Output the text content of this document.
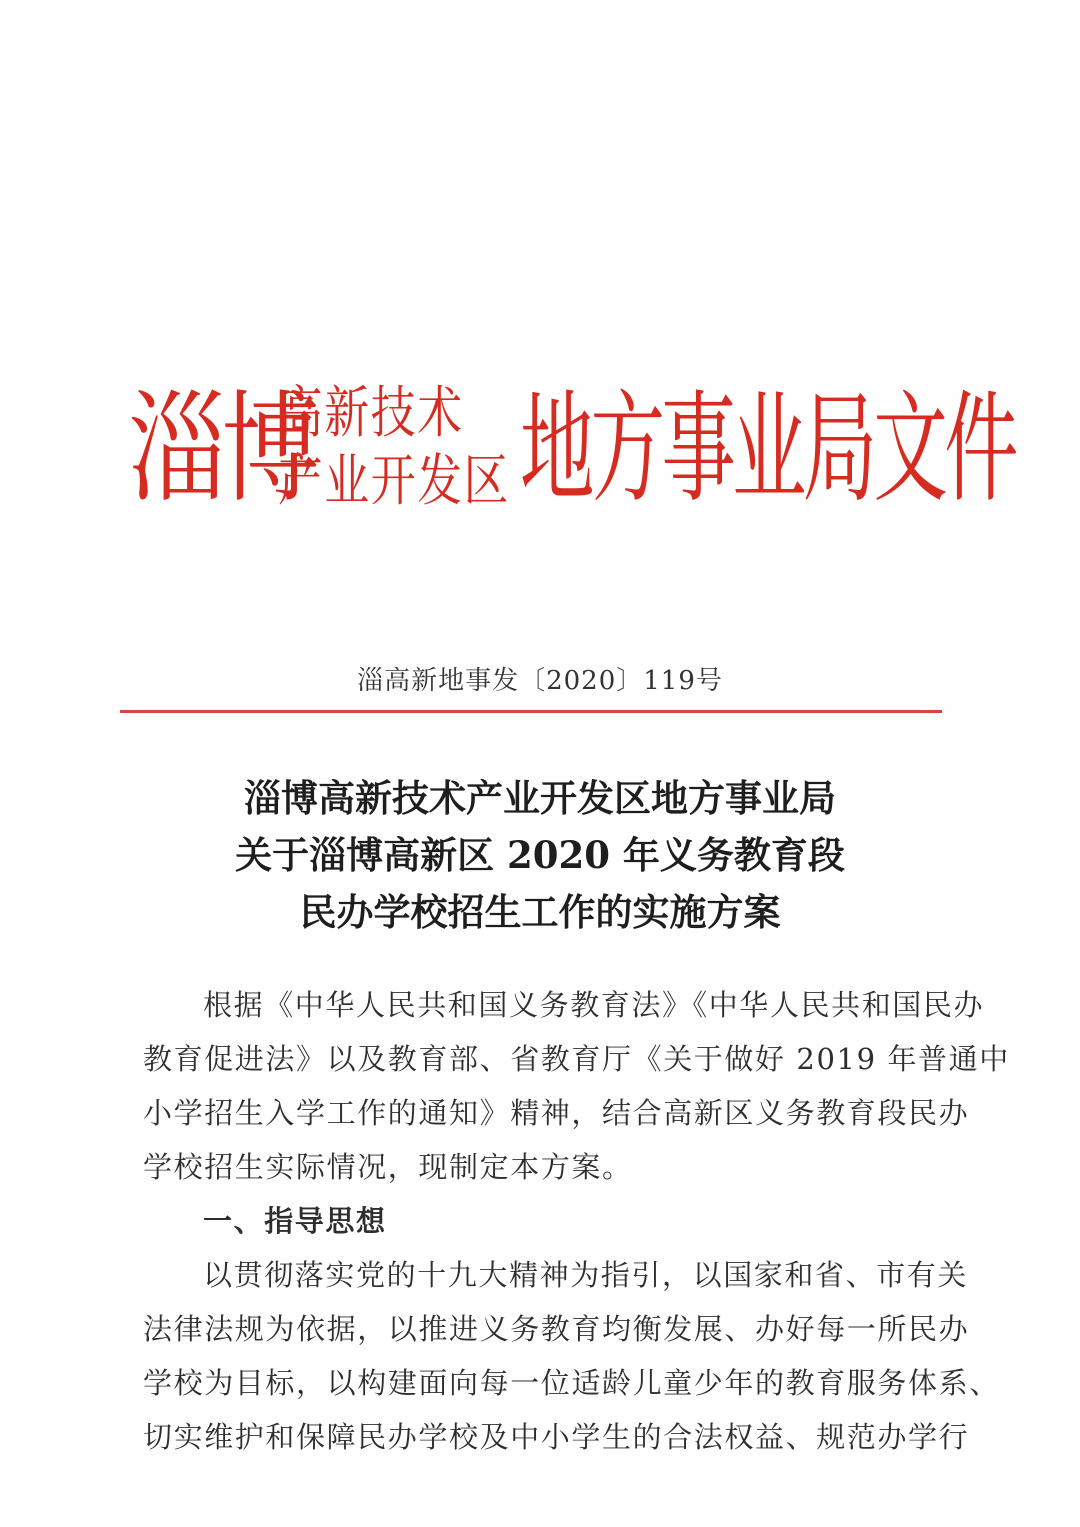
淄博
高新技术
产业开发区 地方事业局文件
淄高新地事发〔2020〕119号
淄博高新技术产业开发区地方事业局
关于淄博高新区 2020 年义务教育段
民办学校招生工作的实施方案
根据《中华人民共和国义务教育法》《中华人民共和国民办
教育促进法》以及教育部、省教育厅《关于做好 2019 年普通中
小学招生入学工作的通知》精神，结合高新区义务教育段民办
学校招生实际情况，现制定本方案。
一、指导思想
以贯彻落实党的十九大精神为指引，以国家和省、市有关
法律法规为依据，以推进义务教育均衡发展、办好每一所民办
学校为目标，以构建面向每一位适龄儿童少年的教育服务体系、
切实维护和保障民办学校及中小学生的合法权益、规范办学行
